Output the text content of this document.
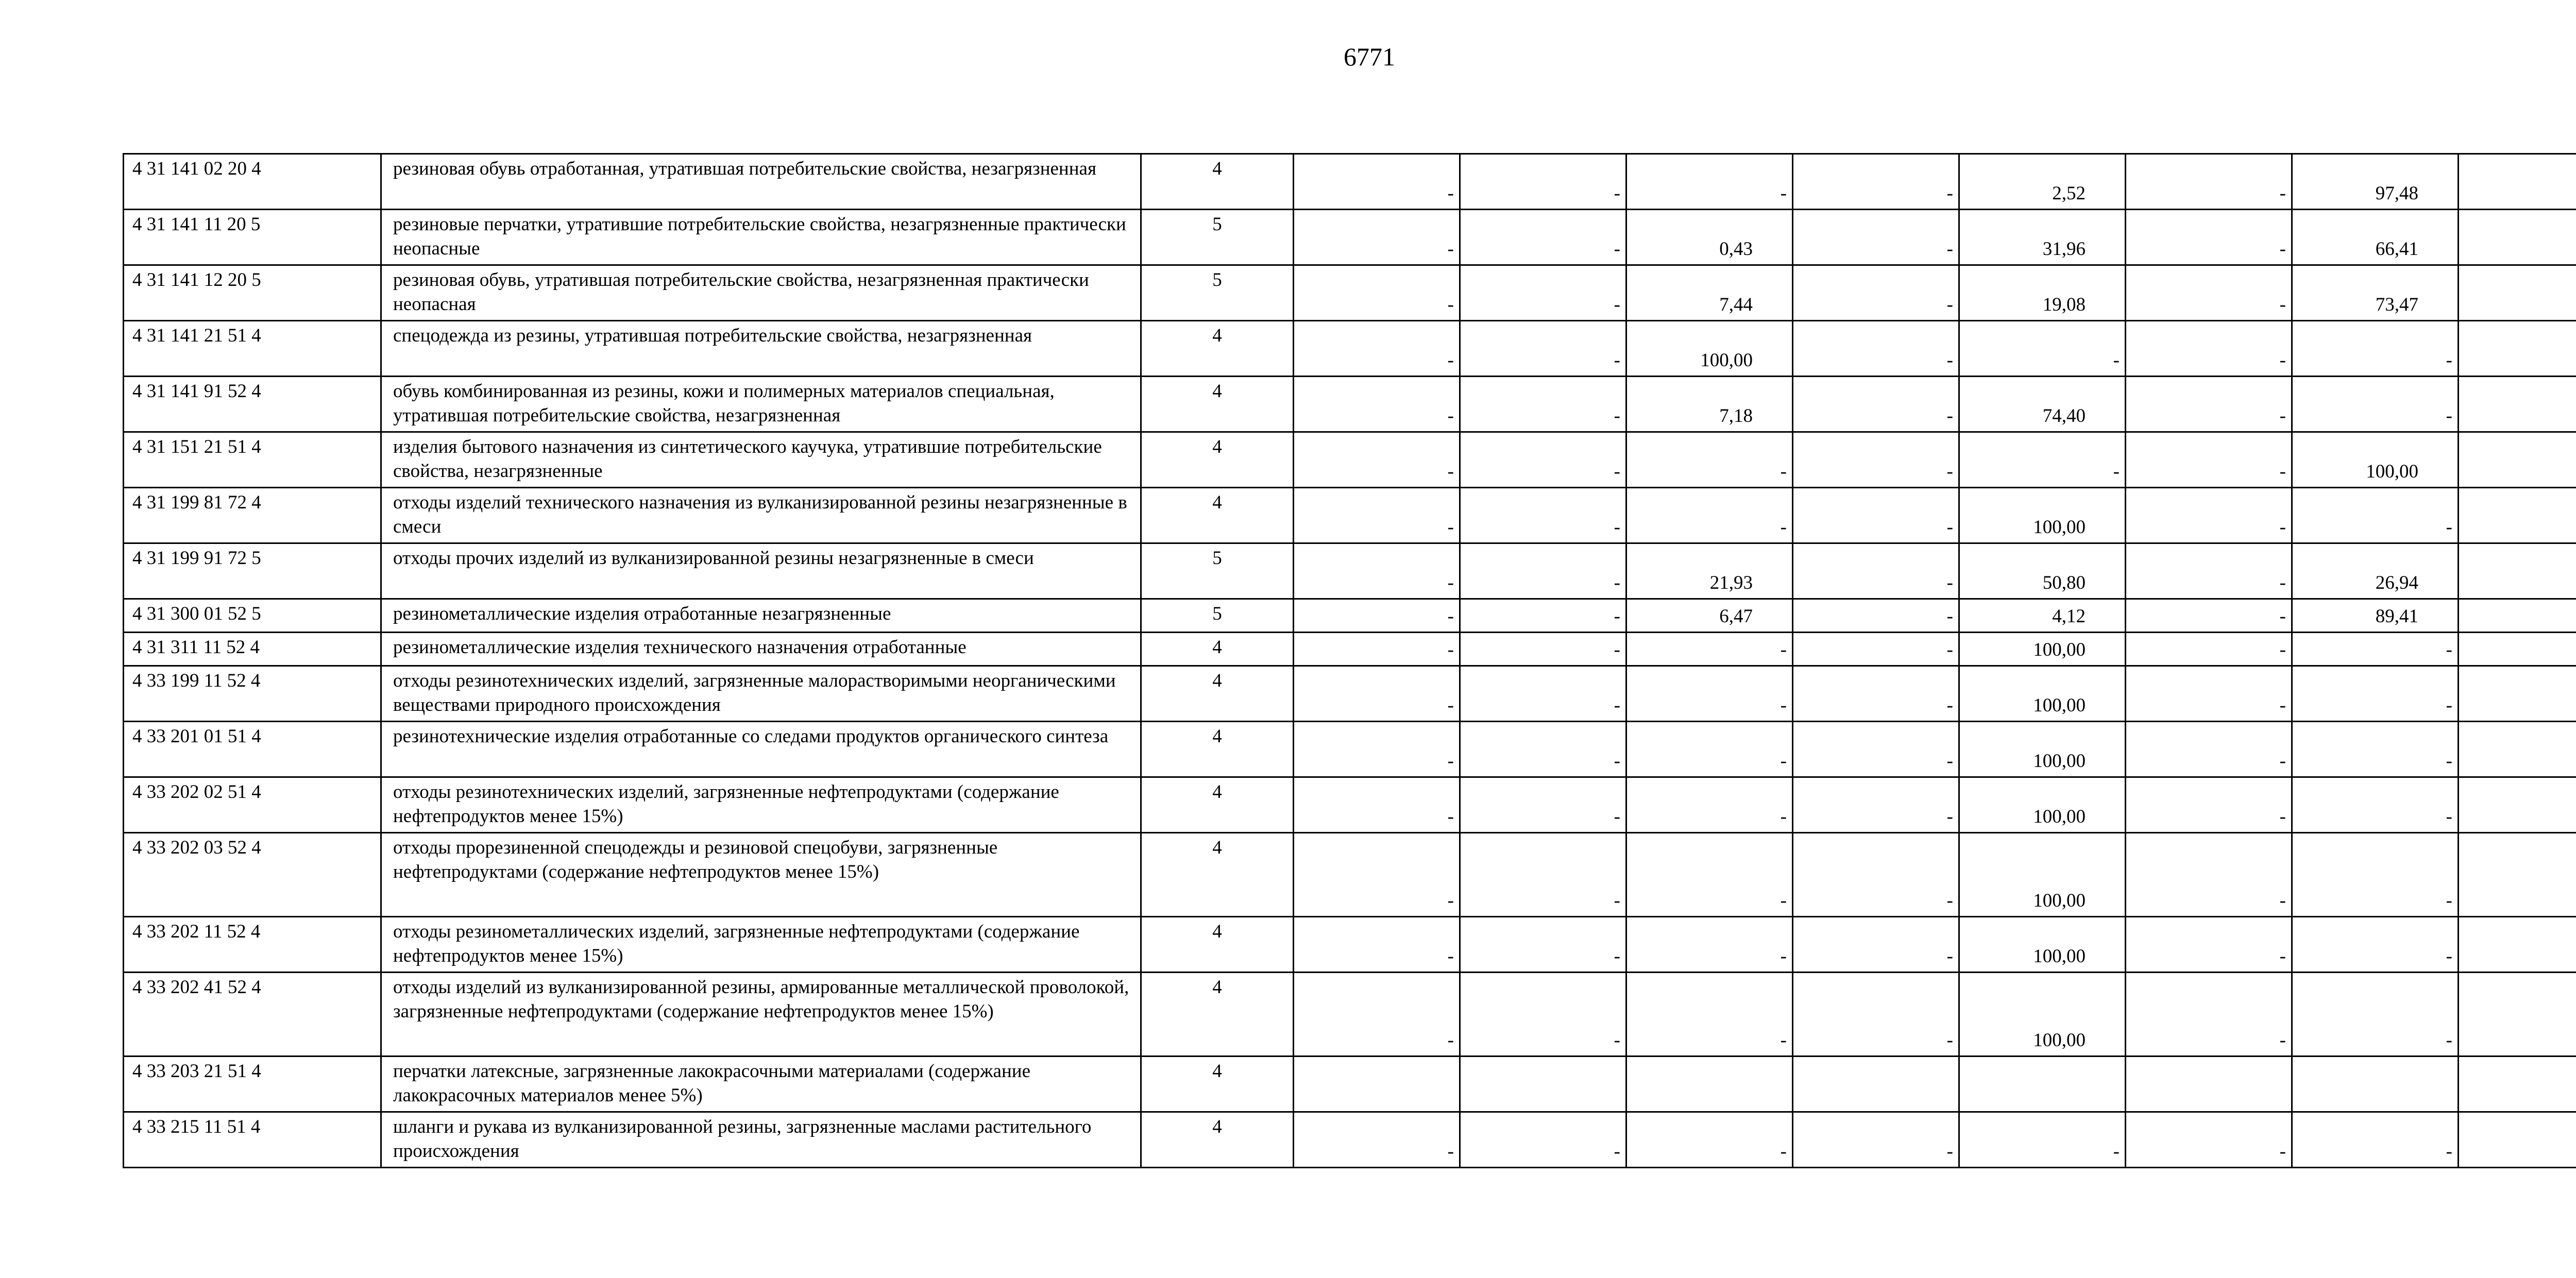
6771
4 31 141 02 20 4	резиновая обувь отработанная, утратившая потребительские свойства, незагрязненная	4	-	-	-	-	2,52	-	97,48	
4 31 141 11 20 5	резиновые перчатки, утратившие потребительские свойства, незагрязненные практически неопасные	5	-	-	0,43	-	31,96	-	66,41	
4 31 141 12 20 5	резиновая обувь, утратившая потребительские свойства, незагрязненная практически неопасная	5	-	-	7,44	-	19,08	-	73,47	
4 31 141 21 51 4	спецодежда из резины, утратившая потребительские свойства, незагрязненная	4	-	-	100,00	-	-	-	-	
4 31 141 91 52 4	обувь комбинированная из резины, кожи и полимерных материалов специальная, утратившая потребительские свойства, незагрязненная	4	-	-	7,18	-	74,40	-	-	
4 31 151 21 51 4	изделия бытового назначения из синтетического каучука, утратившие потребительские свойства, незагрязненные	4	-	-	-	-	-	-	100,00	
4 31 199 81 72 4	отходы изделий технического назначения из вулканизированной резины незагрязненные в смеси	4	-	-	-	-	100,00	-	-	
4 31 199 91 72 5	отходы прочих изделий из вулканизированной резины незагрязненные в смеси	5	-	-	21,93	-	50,80	-	26,94	
4 31 300 01 52 5	резинометаллические изделия отработанные незагрязненные	5	-	-	6,47	-	4,12	-	89,41	
4 31 311 11 52 4	резинометаллические изделия технического назначения отработанные	4	-	-	-	-	100,00	-	-	
4 33 199 11 52 4	отходы резинотехнических изделий, загрязненные малорастворимыми неорганическими веществами природного происхождения	4	-	-	-	-	100,00	-	-	
4 33 201 01 51 4	резинотехнические изделия отработанные со следами продуктов органического синтеза	4	-	-	-	-	100,00	-	-	
4 33 202 02 51 4	отходы резинотехнических изделий, загрязненные нефтепродуктами (содержание нефтепродуктов менее 15%)	4	-	-	-	-	100,00	-	-	
4 33 202 03 52 4	отходы прорезиненной спецодежды и резиновой спецобуви, загрязненные нефтепродуктами (содержание нефтепродуктов менее 15%)	4	-	-	-	-	100,00	-	-	
4 33 202 11 52 4	отходы резинометаллических изделий, загрязненные нефтепродуктами (содержание нефтепродуктов менее 15%)	4	-	-	-	-	100,00	-	-	
4 33 202 41 52 4	отходы изделий из вулканизированной резины, армированные металлической проволокой, загрязненные нефтепродуктами (содержание нефтепродуктов менее 15%)	4	-	-	-	-	100,00	-	-	
4 33 203 21 51 4	перчатки латексные, загрязненные лакокрасочными материалами (содержание лакокрасочных материалов менее 5%)	4								
4 33 215 11 51 4	шланги и рукава из вулканизированной резины, загрязненные маслами растительного происхождения	4	-	-	-	-	-	-	-	
